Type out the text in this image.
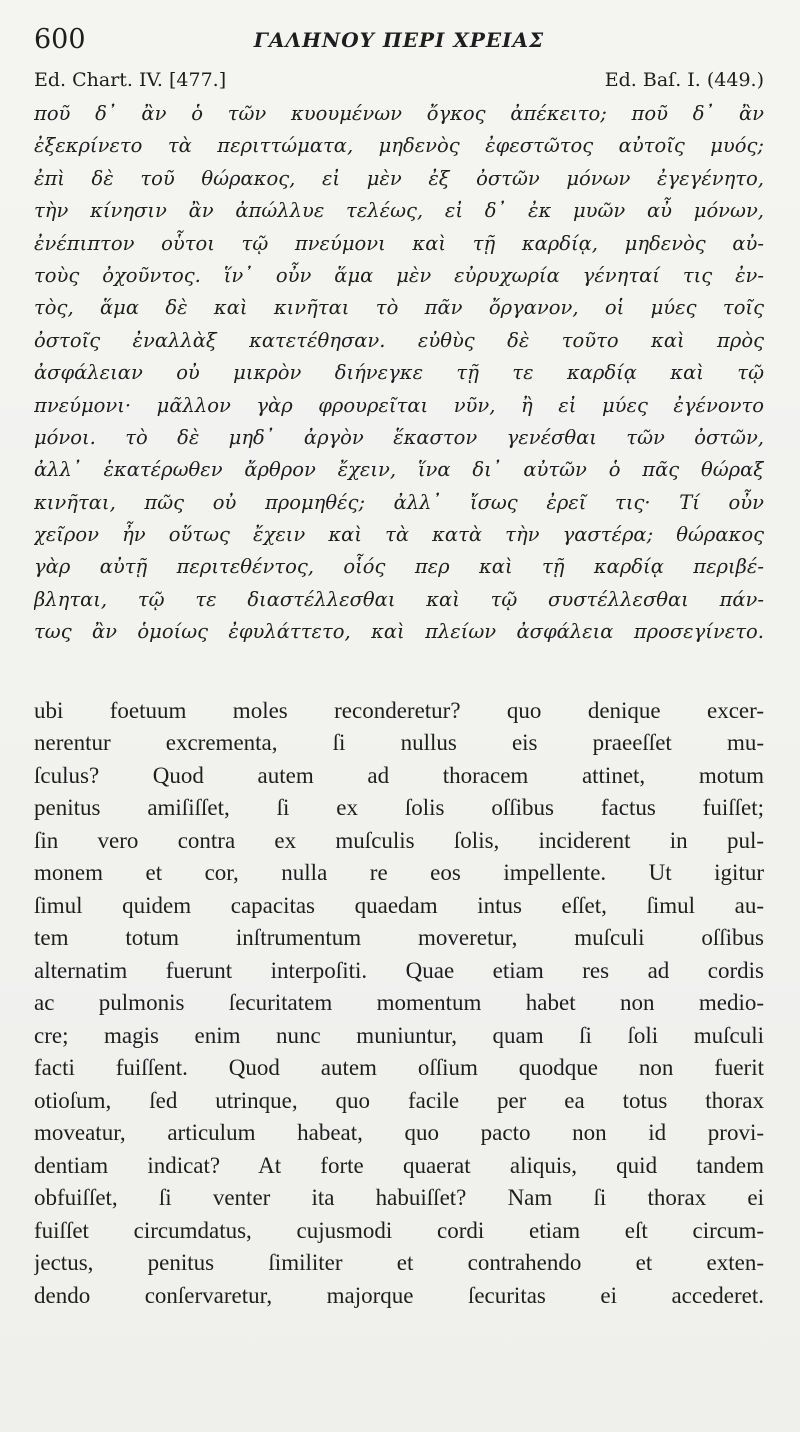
600	ΓΑΛΗΝΟΥ ΠΕΡΙ ΧΡΕΙΑΣ
Ed. Chart. IV. [477.]	Ed. Baſ. I. (449.)
ποῦ δ᾽ ἂν ὁ τῶν κυουμένων ὄγκος ἀπέκειτο; ποῦ δ᾽ ἂν
ἐξεκρίνετο τὰ περιττώματα, μηδενὸς ἐφεστῶτος αὐτοῖς μυός;
ἐπὶ δὲ τοῦ θώρακος, εἰ μὲν ἐξ ὀστῶν μόνων ἐγεγένητο,
τὴν κίνησιν ἂν ἀπώλλυε τελέως, εἰ δ᾽ ἐκ μυῶν αὖ μόνων,
ἐνέπιπτον οὗτοι τῷ πνεύμονι καὶ τῇ καρδίᾳ, μηδενὸς αὐ-
τοὺς ὀχοῦντος. ἵν᾽ οὖν ἅμα μὲν εὐρυχωρία γένηταί τις ἐν-
τὸς, ἅμα δὲ καὶ κινῆται τὸ πᾶν ὄργανον, οἱ μύες τοῖς
ὀστοῖς ἐναλλὰξ κατετέθησαν. εὐθὺς δὲ τοῦτο καὶ πρὸς
ἀσφάλειαν οὐ μικρὸν διήνεγκε τῇ τε καρδίᾳ καὶ τῷ
πνεύμονι· μᾶλλον γὰρ φρουρεῖται νῦν, ἢ εἰ μύες ἐγένοντο
μόνοι. τὸ δὲ μηδ᾽ ἀργὸν ἕκαστον γενέσθαι τῶν ὀστῶν,
ἀλλ᾽ ἑκατέρωθεν ἄρθρον ἔχειν, ἵνα δι᾽ αὐτῶν ὁ πᾶς θώραξ
κινῆται, πῶς οὐ προμηθές; ἀλλ᾽ ἴσως ἐρεῖ τις· Τί οὖν
χεῖρον ἦν οὕτως ἔχειν καὶ τὰ κατὰ τὴν γαστέρα; θώρακος
γὰρ αὐτῇ περιτεθέντος, οἷός περ καὶ τῇ καρδίᾳ περιβέ-
βληται, τῷ τε διαστέλλεσθαι καὶ τῷ συστέλλεσθαι πάν-
τως ἂν ὁμοίως ἐφυλάττετο, καὶ πλείων ἀσφάλεια προσεγίνετο.
ubi foetuum moles reconderetur? quo denique excer-
nerentur excrementa, ſi nullus eis praeeſſet mu-
ſculus? Quod autem ad thoracem attinet, motum
penitus amiſiſſet, ſi ex ſolis oſſibus factus fuiſſet;
ſin vero contra ex muſculis ſolis, inciderent in pul-
monem et cor, nulla re eos impellente. Ut igitur
ſimul quidem capacitas quaedam intus eſſet, ſimul au-
tem totum inſtrumentum moveretur, muſculi oſſibus
alternatim fuerunt interpoſiti. Quae etiam res ad cordis
ac pulmonis ſecuritatem momentum habet non medio-
cre; magis enim nunc muniuntur, quam ſi ſoli muſculi
facti fuiſſent. Quod autem oſſium quodque non fuerit
otioſum, ſed utrinque, quo facile per ea totus thorax
moveatur, articulum habeat, quo pacto non id provi-
dentiam indicat? At forte quaerat aliquis, quid tandem
obfuiſſet, ſi venter ita habuiſſet? Nam ſi thorax ei
fuiſſet circumdatus, cujusmodi cordi etiam eſt circum-
jectus, penitus ſimiliter et contrahendo et exten-
dendo conſervaretur, majorque ſecuritas ei accederet.
